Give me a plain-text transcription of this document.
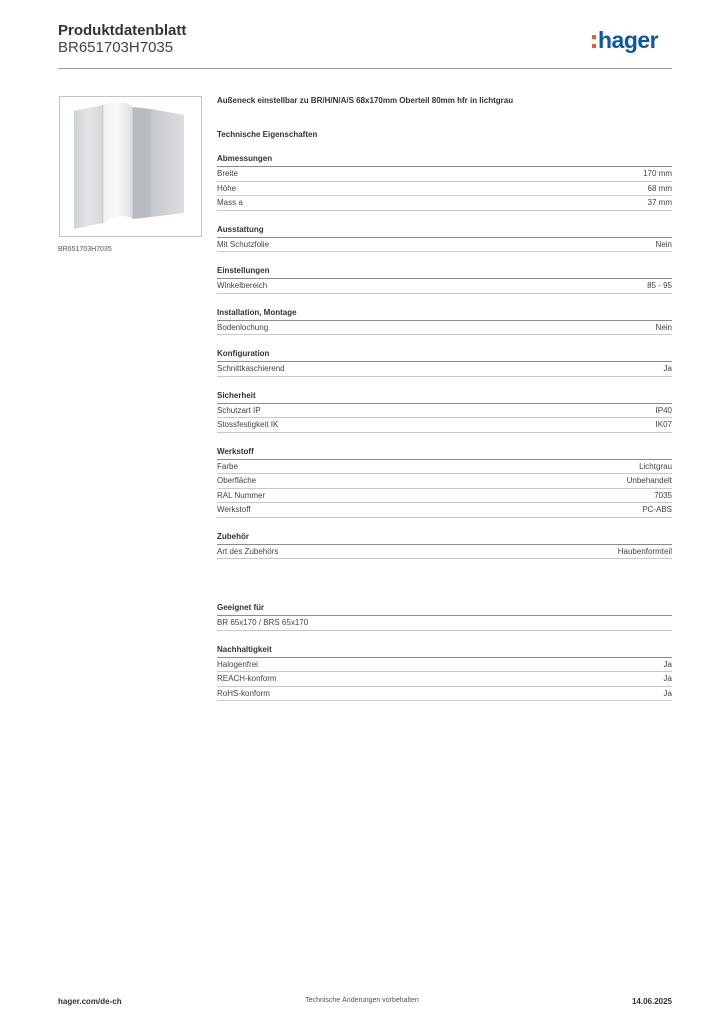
Produktdatenblatt
BR651703H7035	hager
BR651703H7035
Außeneck einstellbar zu BR/H/N/A/S 68x170mm Oberteil 80mm hfr in lichtgrau
Technische Eigenschaften
Abmessungen
Breite	170 mm
Höhe	68 mm
Mass a	37 mm
Ausstattung
Mit Schutzfolie	Nein
Einstellungen
Winkelbereich	85 - 95
Installation, Montage
Bodenlochung	Nein
Konfiguration
Schnittkaschierend	Ja
Sicherheit
Schutzart IP	IP40
Stossfestigkeit IK	IK07
Werkstoff
Farbe	Lichtgrau
Oberfläche	Unbehandelt
RAL Nummer	7035
Werkstoff	PC-ABS
Zubehör
Art des Zubehörs	Haubenformteil
Geeignet für
BR 65x170 / BRS 65x170
Nachhaltigkeit
Halogenfrei	Ja
REACH-konform	Ja
RoHS-konform	Ja
hager.com/de-ch	Technische Änderungen vorbehalten	14.06.2025
